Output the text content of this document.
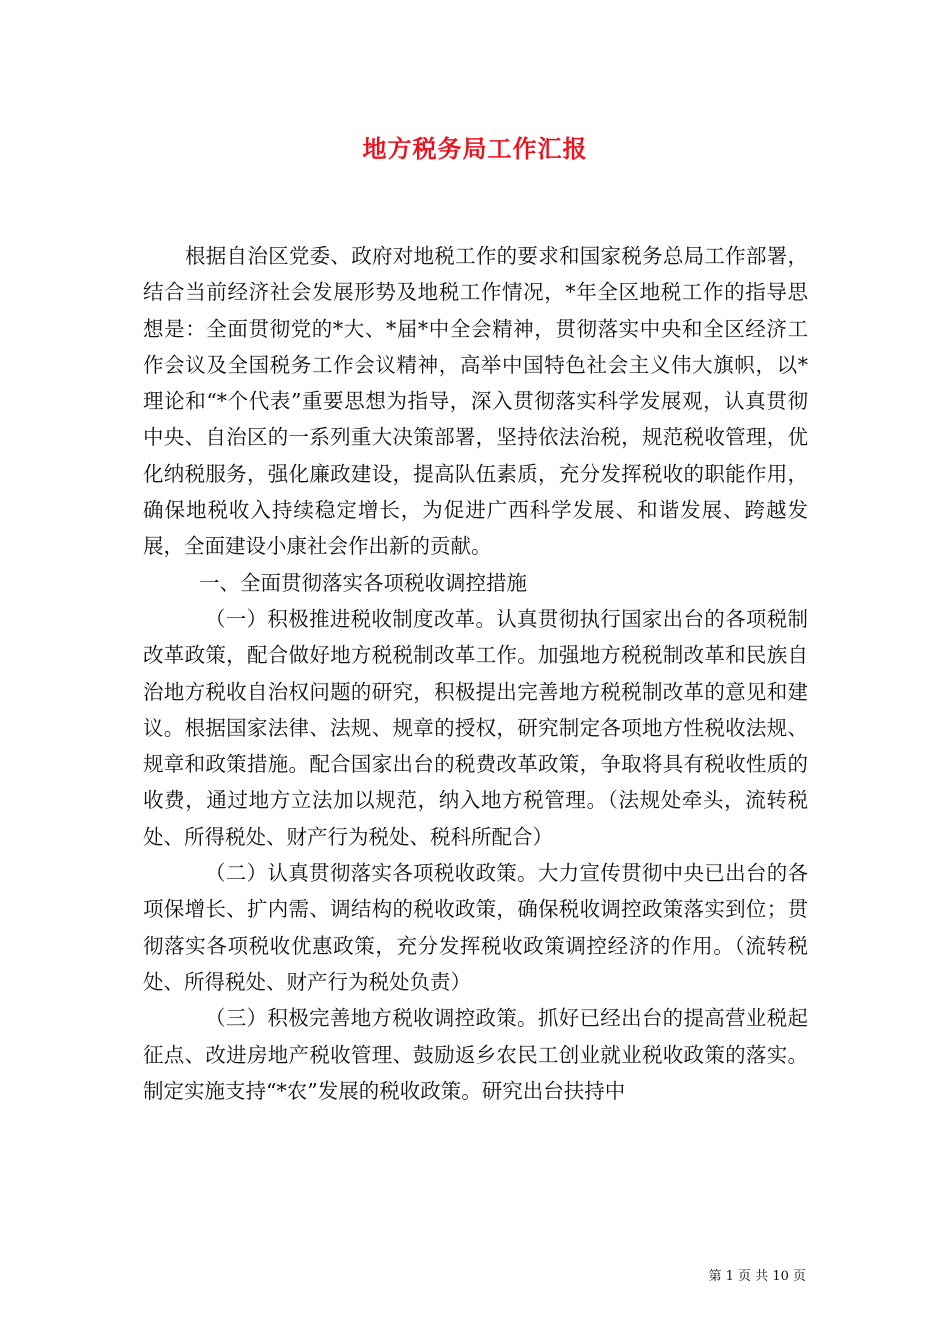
地方税务局工作汇报

根据自治区党委、政府对地税工作的要求和国家税务总局工作部署，结合当前经济社会发展形势及地税工作情况，*年全区地税工作的指导思想是：全面贯彻党的*大、*届*中全会精神，贯彻落实中央和全区经济工作会议及全国税务工作会议精神，高举中国特色社会主义伟大旗帜，以*理论和“*个代表”重要思想为指导，深入贯彻落实科学发展观，认真贯彻中央、自治区的一系列重大决策部署，坚持依法治税，规范税收管理，优化纳税服务，强化廉政建设，提高队伍素质，充分发挥税收的职能作用，确保地税收入持续稳定增长，为促进广西科学发展、和谐发展、跨越发展，全面建设小康社会作出新的贡献。

一、全面贯彻落实各项税收调控措施

（一）积极推进税收制度改革。认真贯彻执行国家出台的各项税制改革政策，配合做好地方税税制改革工作。加强地方税税制改革和民族自治地方税收自治权问题的研究，积极提出完善地方税税制改革的意见和建议。根据国家法律、法规、规章的授权，研究制定各项地方性税收法规、规章和政策措施。配合国家出台的税费改革政策，争取将具有税收性质的收费，通过地方立法加以规范，纳入地方税管理。（法规处牵头，流转税处、所得税处、财产行为税处、税科所配合）

（二）认真贯彻落实各项税收政策。大力宣传贯彻中央已出台的各项保增长、扩内需、调结构的税收政策，确保税收调控政策落实到位；贯彻落实各项税收优惠政策，充分发挥税收政策调控经济的作用。（流转税处、所得税处、财产行为税处负责）

（三）积极完善地方税收调控政策。抓好已经出台的提高营业税起征点、改进房地产税收管理、鼓励返乡农民工创业就业税收政策的落实。制定实施支持“*农”发展的税收政策。研究出台扶持中

第 1 页 共 10 页
